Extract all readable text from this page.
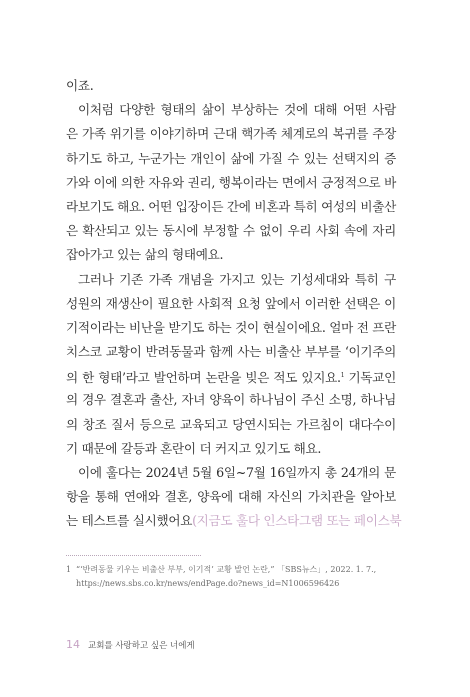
이죠.
이처럼 다양한 형태의 삶이 부상하는 것에 대해 어떤 사람
은 가족 위기를 이야기하며 근대 핵가족 체계로의 복귀를 주장
하기도 하고, 누군가는 개인이 삶에 가질 수 있는 선택지의 증
가와 이에 의한 자유와 권리, 행복이라는 면에서 긍정적으로 바
라보기도 해요. 어떤 입장이든 간에 비혼과 특히 여성의 비출산
은 확산되고 있는 동시에 부정할 수 없이 우리 사회 속에 자리
잡아가고 있는 삶의 형태예요.
그러나 기존 가족 개념을 가지고 있는 기성세대와 특히 구
성원의 재생산이 필요한 사회적 요청 앞에서 이러한 선택은 이
기적이라는 비난을 받기도 하는 것이 현실이에요. 얼마 전 프란
치스코 교황이 반려동물과 함께 사는 비출산 부부를 ‘이기주의
의 한 형태’라고 발언하며 논란을 빚은 적도 있지요.$^1$ 기독교인
의 경우 결혼과 출산, 자녀 양육이 하나님이 주신 소명, 하나님
의 창조 질서 등으로 교육되고 당연시되는 가르침이 대다수이
기 때문에 갈등과 혼란이 더 커지고 있기도 해요.
이에 훌다는 2024년 5월 6일~7월 16일까지 총 24개의 문
항을 통해 연애와 결혼, 양육에 대해 자신의 가치관을 알아보
는 테스트를 실시했어요(지금도 훌다 인스타그램 또는 페이스북
1 “‘반려동물 키우는 비출산 부부, 이기적’ 교황 발언 논란,” 「SBS뉴스」, 2022. 1. 7.,
https://news.sbs.co.kr/news/endPage.do?news_id=N1006596426
14 교회를 사랑하고 싶은 너에게
